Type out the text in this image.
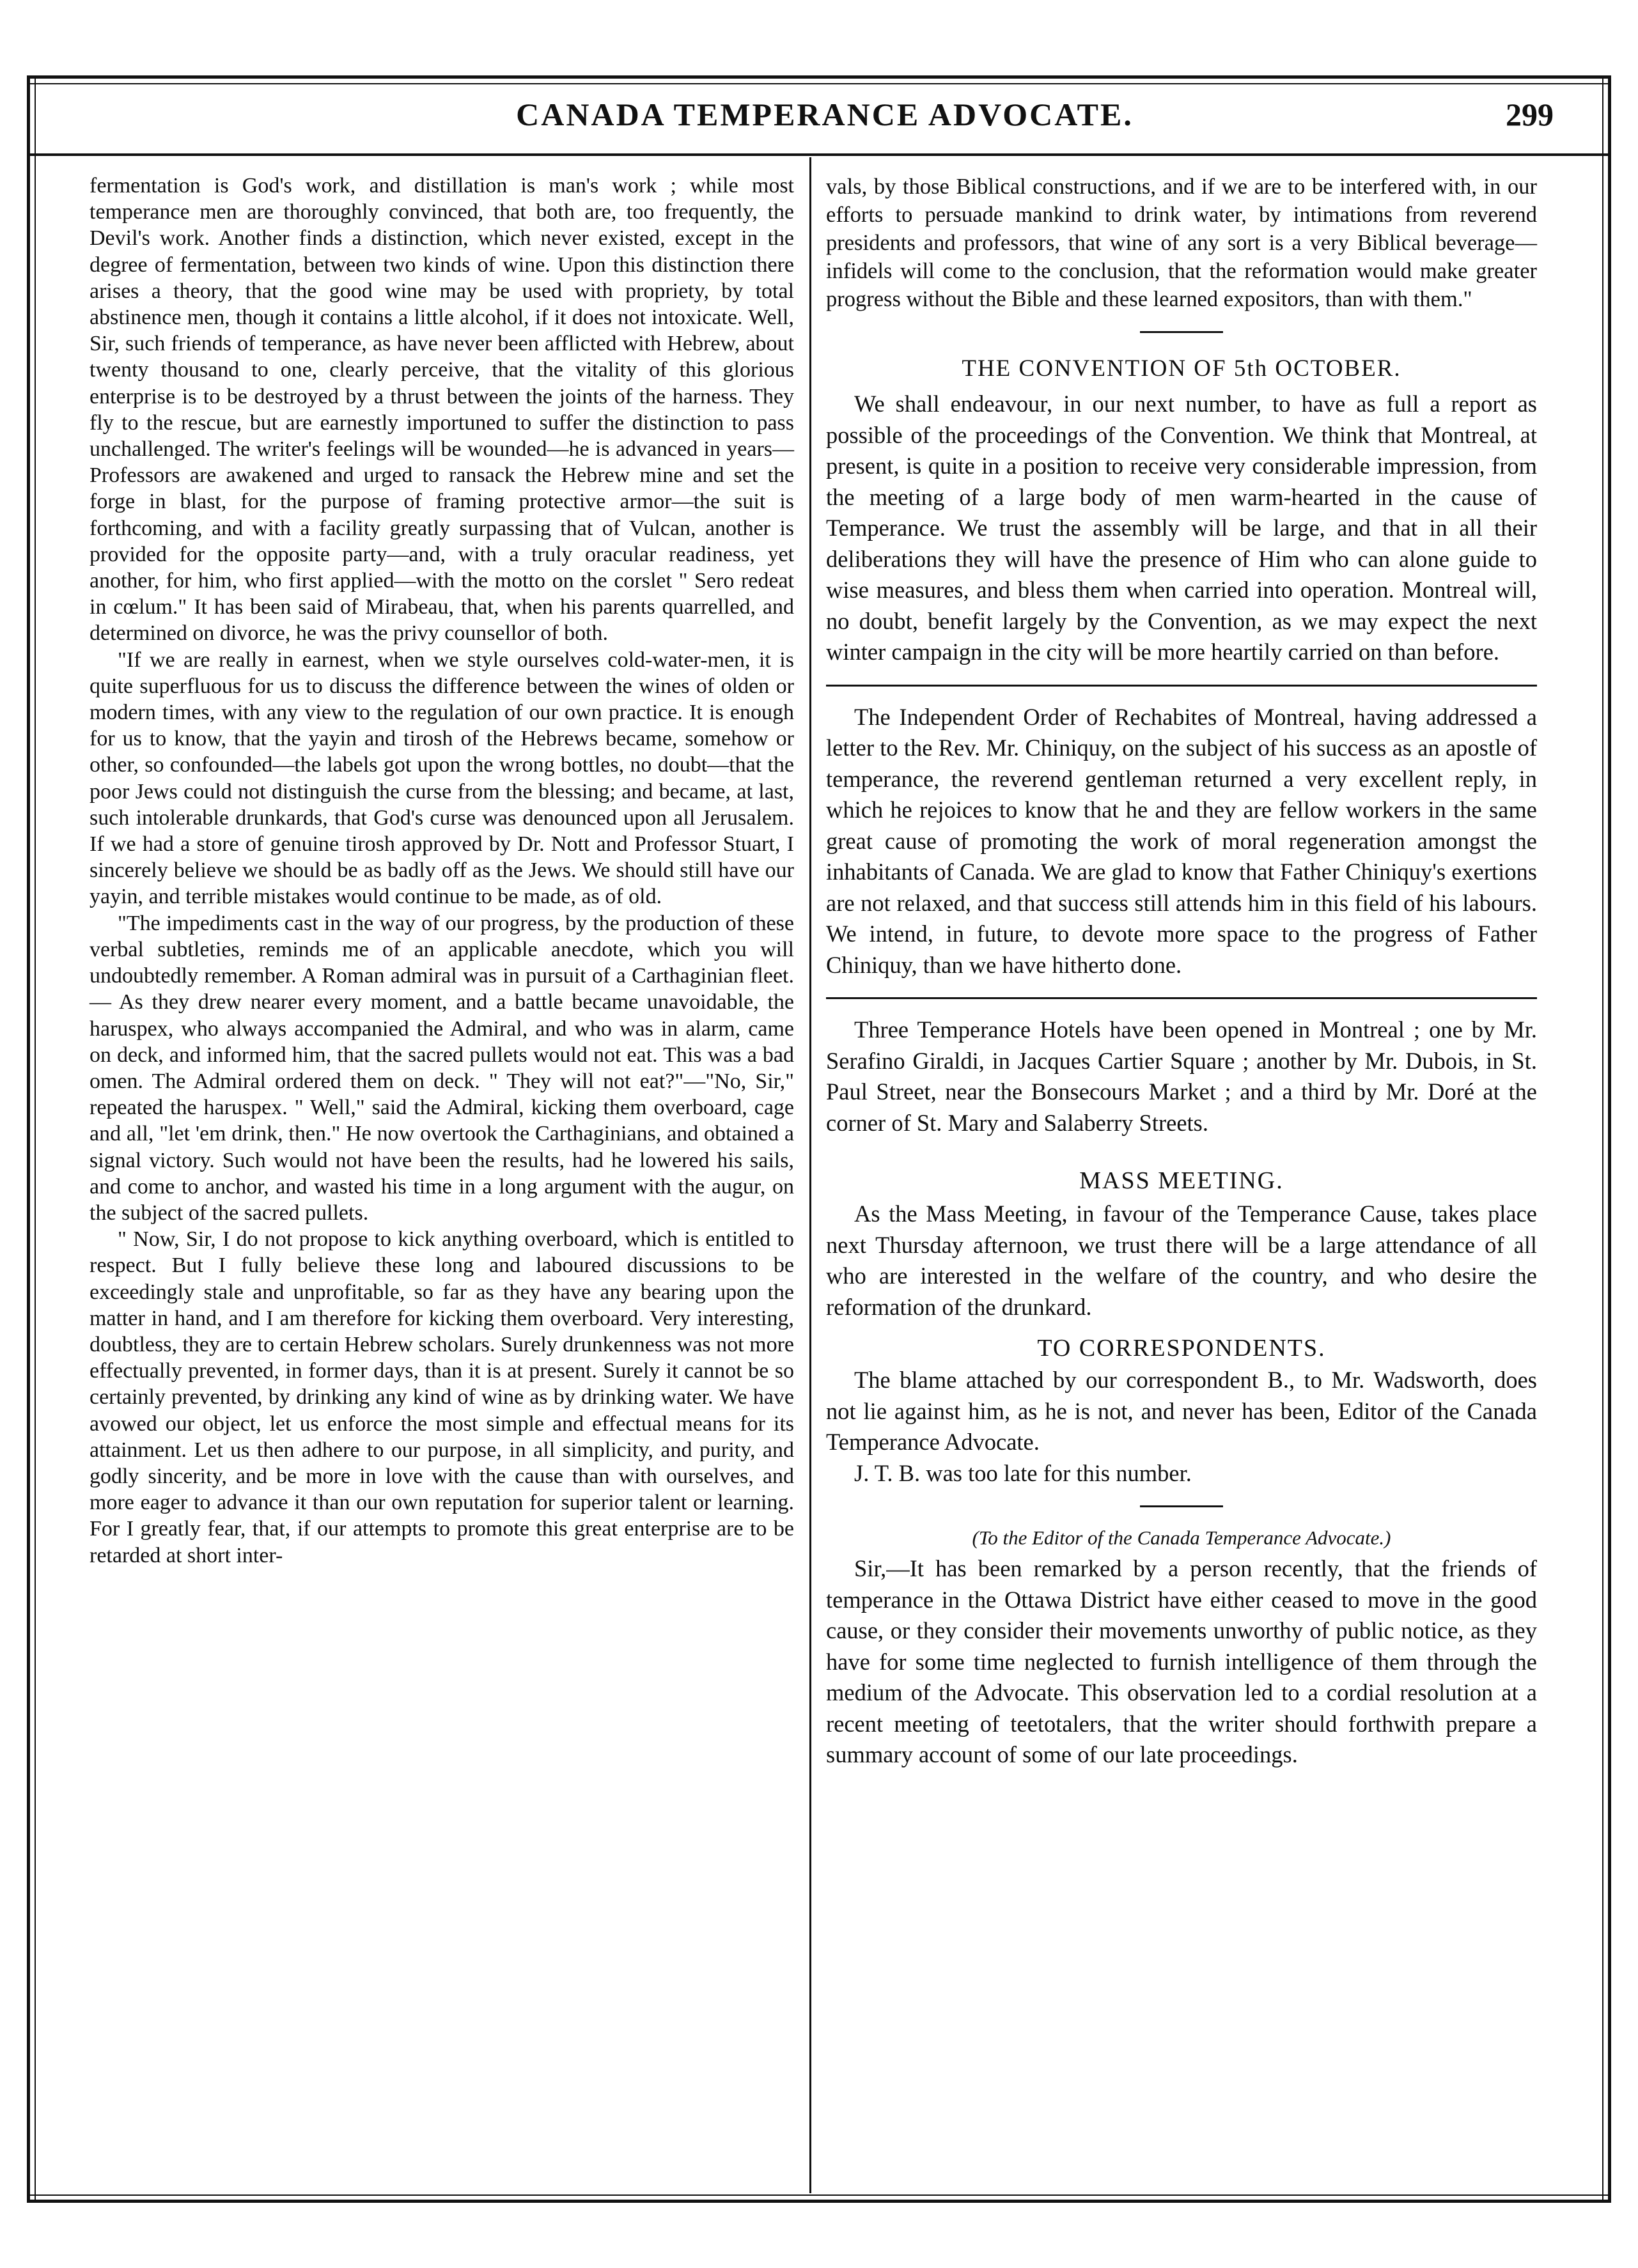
CANADA TEMPERANCE ADVOCATE.	299

fermentation is God's work, and distillation is man's work ; while most temperance men are thoroughly convinced, that both are, too frequently, the Devil's work. Another finds a distinction, which never existed, except in the degree of fermentation, between two kinds of wine. Upon this distinction there arises a theory, that the good wine may be used with propriety, by total abstinence men, though it contains a little alcohol, if it does not intoxicate. Well, Sir, such friends of temperance, as have never been afflicted with Hebrew, about twenty thousand to one, clearly perceive, that the vitality of this glorious enterprise is to be destroyed by a thrust between the joints of the harness. They fly to the rescue, but are earnestly importuned to suffer the distinction to pass unchallenged. The writer's feelings will be wounded—he is advanced in years—Professors are awakened and urged to ransack the Hebrew mine and set the forge in blast, for the purpose of framing protective armor—the suit is forthcoming, and with a facility greatly surpassing that of Vulcan, another is provided for the opposite party—and, with a truly oracular readiness, yet another, for him, who first applied—with the motto on the corslet " Sero redeat in cœlum." It has been said of Mirabeau, that, when his parents quarrelled, and determined on divorce, he was the privy counsellor of both.

"If we are really in earnest, when we style ourselves cold-water-men, it is quite superfluous for us to discuss the difference between the wines of olden or modern times, with any view to the regulation of our own practice. It is enough for us to know, that the yayin and tirosh of the Hebrews became, somehow or other, so confounded—the labels got upon the wrong bottles, no doubt—that the poor Jews could not distinguish the curse from the blessing; and became, at last, such intolerable drunkards, that God's curse was denounced upon all Jerusalem. If we had a store of genuine tirosh approved by Dr. Nott and Professor Stuart, I sincerely believe we should be as badly off as the Jews. We should still have our yayin, and terrible mistakes would continue to be made, as of old.

"The impediments cast in the way of our progress, by the production of these verbal subtleties, reminds me of an applicable anecdote, which you will undoubtedly remember. A Roman admiral was in pursuit of a Carthaginian fleet.— As they drew nearer every moment, and a battle became unavoidable, the haruspex, who always accompanied the Admiral, and who was in alarm, came on deck, and informed him, that the sacred pullets would not eat. This was a bad omen. The Admiral ordered them on deck. " They will not eat?"—"No, Sir," repeated the haruspex. " Well," said the Admiral, kicking them overboard, cage and all, "let 'em drink, then." He now overtook the Carthaginians, and obtained a signal victory. Such would not have been the results, had he lowered his sails, and come to anchor, and wasted his time in a long argument with the augur, on the subject of the sacred pullets.

" Now, Sir, I do not propose to kick anything overboard, which is entitled to respect. But I fully believe these long and laboured discussions to be exceedingly stale and unprofitable, so far as they have any bearing upon the matter in hand, and I am therefore for kicking them overboard. Very interesting, doubtless, they are to certain Hebrew scholars. Surely drunkenness was not more effectually prevented, in former days, than it is at present. Surely it cannot be so certainly prevented, by drinking any kind of wine as by drinking water. We have avowed our object, let us enforce the most simple and effectual means for its attainment. Let us then adhere to our purpose, in all simplicity, and purity, and godly sincerity, and be more in love with the cause than with ourselves, and more eager to advance it than our own reputation for superior talent or learning. For I greatly fear, that, if our attempts to promote this great enterprise are to be retarded at short inter-

vals, by those Biblical constructions, and if we are to be interfered with, in our efforts to persuade mankind to drink water, by intimations from reverend presidents and professors, that wine of any sort is a very Biblical beverage—infidels will come to the conclusion, that the reformation would make greater progress without the Bible and these learned expositors, than with them."

THE CONVENTION OF 5th OCTOBER.

We shall endeavour, in our next number, to have as full a report as possible of the proceedings of the Convention. We think that Montreal, at present, is quite in a position to receive very considerable impression, from the meeting of a large body of men warm-hearted in the cause of Temperance. We trust the assembly will be large, and that in all their deliberations they will have the presence of Him who can alone guide to wise measures, and bless them when carried into operation. Montreal will, no doubt, benefit largely by the Convention, as we may expect the next winter campaign in the city will be more heartily carried on than before.

The Independent Order of Rechabites of Montreal, having addressed a letter to the Rev. Mr. Chiniquy, on the subject of his success as an apostle of temperance, the reverend gentleman returned a very excellent reply, in which he rejoices to know that he and they are fellow workers in the same great cause of promoting the work of moral regeneration amongst the inhabitants of Canada. We are glad to know that Father Chiniquy's exertions are not relaxed, and that success still attends him in this field of his labours. We intend, in future, to devote more space to the progress of Father Chiniquy, than we have hitherto done.

Three Temperance Hotels have been opened in Montreal ; one by Mr. Serafino Giraldi, in Jacques Cartier Square ; another by Mr. Dubois, in St. Paul Street, near the Bonsecours Market ; and a third by Mr. Doré at the corner of St. Mary and Salaberry Streets.

MASS MEETING.

As the Mass Meeting, in favour of the Temperance Cause, takes place next Thursday afternoon, we trust there will be a large attendance of all who are interested in the welfare of the country, and who desire the reformation of the drunkard.

TO CORRESPONDENTS.

The blame attached by our correspondent B., to Mr. Wadsworth, does not lie against him, as he is not, and never has been, Editor of the Canada Temperance Advocate.

J. T. B. was too late for this number.

(To the Editor of the Canada Temperance Advocate.)

Sir,—It has been remarked by a person recently, that the friends of temperance in the Ottawa District have either ceased to move in the good cause, or they consider their movements unworthy of public notice, as they have for some time neglected to furnish intelligence of them through the medium of the Advocate. This observation led to a cordial resolution at a recent meeting of teetotalers, that the writer should forthwith prepare a summary account of some of our late proceedings.
